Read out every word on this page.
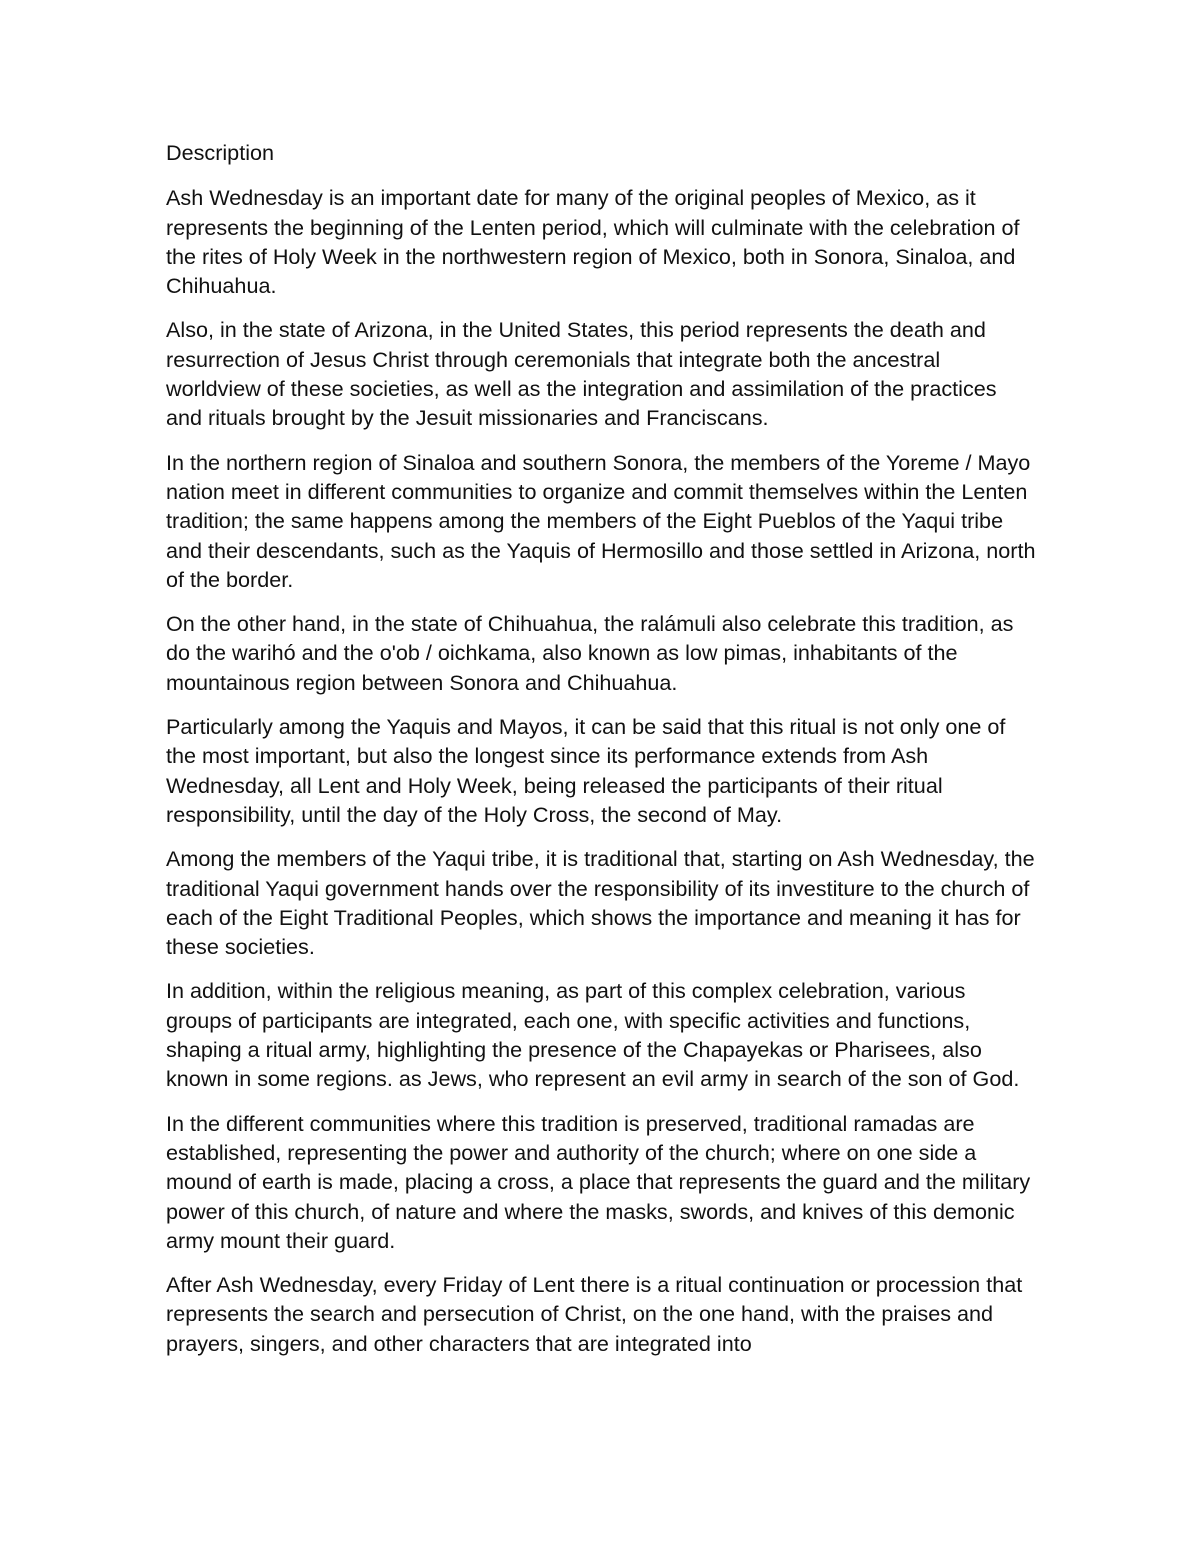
Description

Ash Wednesday is an important date for many of the original peoples of Mexico, as it represents the beginning of the Lenten period, which will culminate with the celebration of the rites of Holy Week in the northwestern region of Mexico, both in Sonora, Sinaloa, and Chihuahua.

Also, in the state of Arizona, in the United States, this period represents the death and resurrection of Jesus Christ through ceremonials that integrate both the ancestral worldview of these societies, as well as the integration and assimilation of the practices and rituals brought by the Jesuit missionaries and Franciscans.

In the northern region of Sinaloa and southern Sonora, the members of the Yoreme / Mayo nation meet in different communities to organize and commit themselves within the Lenten tradition; the same happens among the members of the Eight Pueblos of the Yaqui tribe and their descendants, such as the Yaquis of Hermosillo and those settled in Arizona, north of the border.

On the other hand, in the state of Chihuahua, the ralámuli also celebrate this tradition, as do the warihó and the o'ob / oichkama, also known as low pimas, inhabitants of the mountainous region between Sonora and Chihuahua.

Particularly among the Yaquis and Mayos, it can be said that this ritual is not only one of the most important, but also the longest since its performance extends from Ash Wednesday, all Lent and Holy Week, being released the participants of their ritual responsibility, until the day of the Holy Cross, the second of May.

Among the members of the Yaqui tribe, it is traditional that, starting on Ash Wednesday, the traditional Yaqui government hands over the responsibility of its investiture to the church of each of the Eight Traditional Peoples, which shows the importance and meaning it has for these societies.

In addition, within the religious meaning, as part of this complex celebration, various groups of participants are integrated, each one, with specific activities and functions, shaping a ritual army, highlighting the presence of the Chapayekas or Pharisees, also known in some regions. as Jews, who represent an evil army in search of the son of God.

In the different communities where this tradition is preserved, traditional ramadas are established, representing the power and authority of the church; where on one side a mound of earth is made, placing a cross, a place that represents the guard and the military power of this church, of nature and where the masks, swords, and knives of this demonic army mount their guard.

After Ash Wednesday, every Friday of Lent there is a ritual continuation or procession that represents the search and persecution of Christ, on the one hand, with the praises and prayers, singers, and other characters that are integrated into
